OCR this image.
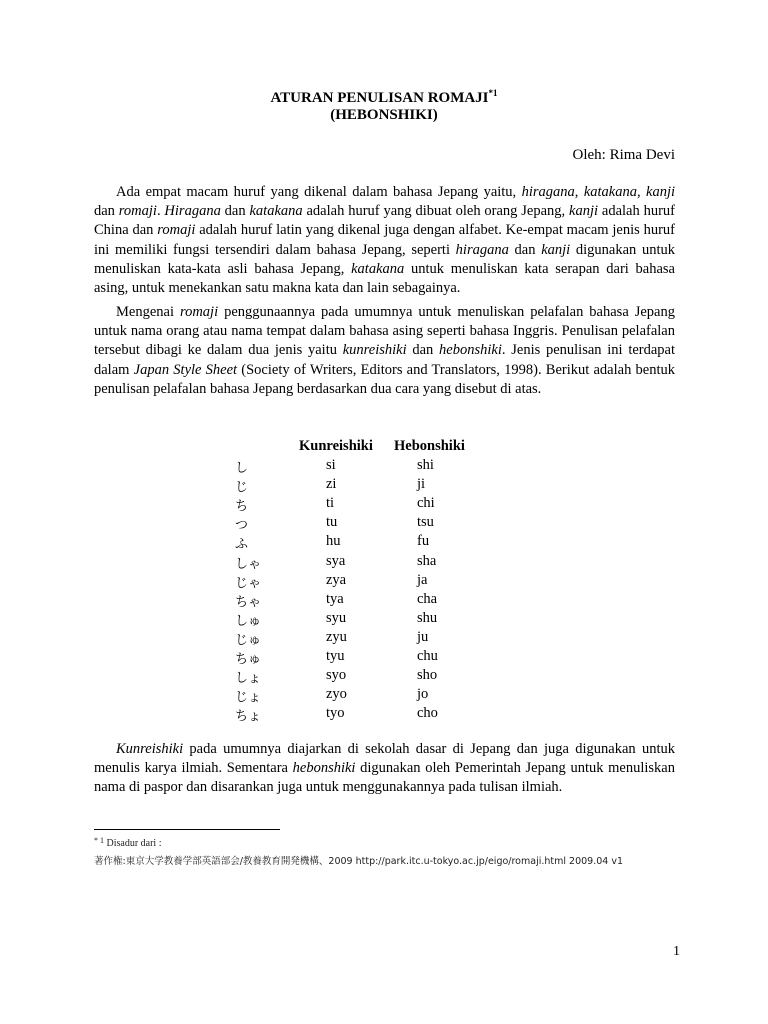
ATURAN PENULISAN ROMAJI$^{*1}$
(HEBONSHIKI)
Oleh: Rima Devi

Ada empat macam huruf yang dikenal dalam bahasa Jepang yaitu, hiragana, katakana, kanji dan romaji. Hiragana dan katakana adalah huruf yang dibuat oleh orang Jepang, kanji adalah huruf China dan romaji adalah huruf latin yang dikenal juga dengan alfabet. Ke-empat macam jenis huruf ini memiliki fungsi tersendiri dalam bahasa Jepang, seperti hiragana dan kanji digunakan untuk menuliskan kata-kata asli bahasa Jepang, katakana untuk menuliskan kata serapan dari bahasa asing, untuk menekankan satu makna kata dan lain sebagainya.

Mengenai romaji penggunaannya pada umumnya untuk menuliskan pelafalan bahasa Jepang untuk nama orang atau nama tempat dalam bahasa asing seperti bahasa Inggris. Penulisan pelafalan tersebut dibagi ke dalam dua jenis yaitu kunreishiki dan hebonshiki. Jenis penulisan ini terdapat dalam Japan Style Sheet (Society of Writers, Editors and Translators, 1998). Berikut adalah bentuk penulisan pelafalan bahasa Jepang berdasarkan dua cara yang disebut di atas.

Kunreishiki Hebonshiki
し	si	shi
じ	zi	ji
ち	ti	chi
つ	tu	tsu
ふ	hu	fu
しゃ	sya	sha
じゃ	zya	ja
ちゃ	tya	cha
しゅ	syu	shu
じゅ	zyu	ju
ちゅ	tyu	chu
しょ	syo	sho
じょ	zyo	jo
ちょ	tyo	cho

Kunreishiki pada umumnya diajarkan di sekolah dasar di Jepang dan juga digunakan untuk menulis karya ilmiah. Sementara hebonshiki digunakan oleh Pemerintah Jepang untuk menuliskan nama di paspor dan disarankan juga untuk menggunakannya pada tulisan ilmiah.

$^{* 1}$ Disadur dari :
著作権:東京大学教養学部英語部会/教養教育開発機構、2009 http://park.itc.u-tokyo.ac.jp/eigo/romaji.html 2009.04 v1
1
